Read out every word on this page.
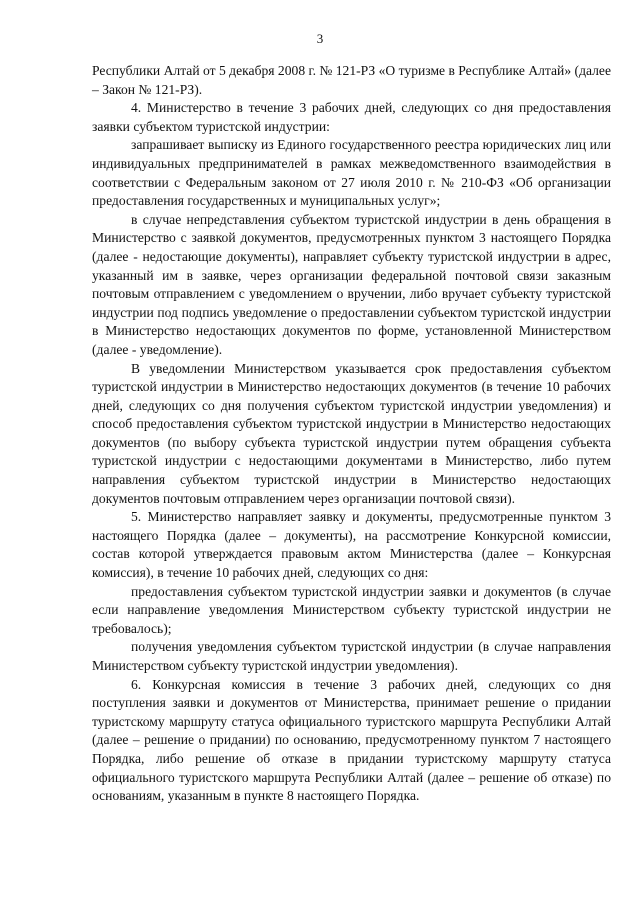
3

Республики Алтай от 5 декабря 2008 г. № 121-РЗ «О туризме в Республике Алтай» (далее – Закон № 121-РЗ).

4. Министерство в течение 3 рабочих дней, следующих со дня предоставления заявки субъектом туристской индустрии:

запрашивает выписку из Единого государственного реестра юридических лиц или индивидуальных предпринимателей в рамках межведомственного взаимодействия в соответствии с Федеральным законом от 27 июля 2010 г. № 210-ФЗ «Об организации предоставления государственных и муниципальных услуг»;

в случае непредставления субъектом туристской индустрии в день обращения в Министерство с заявкой документов, предусмотренных пунктом 3 настоящего Порядка (далее - недостающие документы), направляет субъекту туристской индустрии в адрес, указанный им в заявке, через организации федеральной почтовой связи заказным почтовым отправлением с уведомлением о вручении, либо вручает субъекту туристской индустрии под подпись уведомление о предоставлении субъектом туристской индустрии в Министерство недостающих документов по форме, установленной Министерством (далее - уведомление).

В уведомлении Министерством указывается срок предоставления субъектом туристской индустрии в Министерство недостающих документов (в течение 10 рабочих дней, следующих со дня получения субъектом туристской индустрии уведомления) и способ предоставления субъектом туристской индустрии в Министерство недостающих документов (по выбору субъекта туристской индустрии путем обращения субъекта туристской индустрии с недостающими документами в Министерство, либо путем направления субъектом туристской индустрии в Министерство недостающих документов почтовым отправлением через организации почтовой связи).

5. Министерство направляет заявку и документы, предусмотренные пунктом 3 настоящего Порядка (далее – документы), на рассмотрение Конкурсной комиссии, состав которой утверждается правовым актом Министерства (далее – Конкурсная комиссия), в течение 10 рабочих дней, следующих со дня:

предоставления субъектом туристской индустрии заявки и документов (в случае если направление уведомления Министерством субъекту туристской индустрии не требовалось);

получения уведомления субъектом туристской индустрии (в случае направления Министерством субъекту туристской индустрии уведомления).

6. Конкурсная комиссия в течение 3 рабочих дней, следующих со дня поступления заявки и документов от Министерства, принимает решение о придании туристскому маршруту статуса официального туристского маршрута Республики Алтай (далее – решение о придании) по основанию, предусмотренному пунктом 7 настоящего Порядка, либо решение об отказе в придании туристскому маршруту статуса официального туристского маршрута Республики Алтай (далее – решение об отказе) по основаниям, указанным в пункте 8 настоящего Порядка.
